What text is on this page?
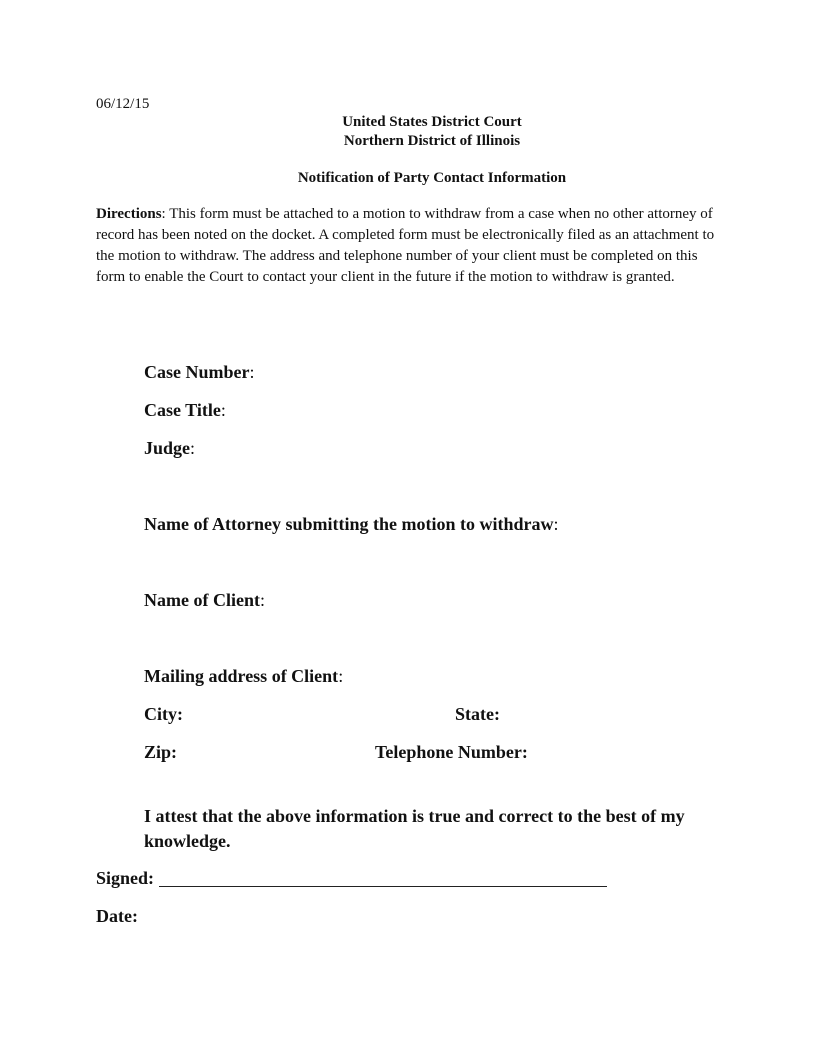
06/12/15
United States District Court
Northern District of Illinois
Notification of Party Contact Information
Directions: This form must be attached to a motion to withdraw from a case when no other attorney of record has been noted on the docket. A completed form must be electronically filed as an attachment to the motion to withdraw. The address and telephone number of your client must be completed on this form to enable the Court to contact your client in the future if the motion to withdraw is granted.
Case Number:
Case Title:
Judge:
Name of Attorney submitting the motion to withdraw:
Name of Client:
Mailing address of Client:
City:	State:
Zip:	Telephone Number:
I attest that the above information is true and correct to the best of my knowledge.
Signed:
Date:
